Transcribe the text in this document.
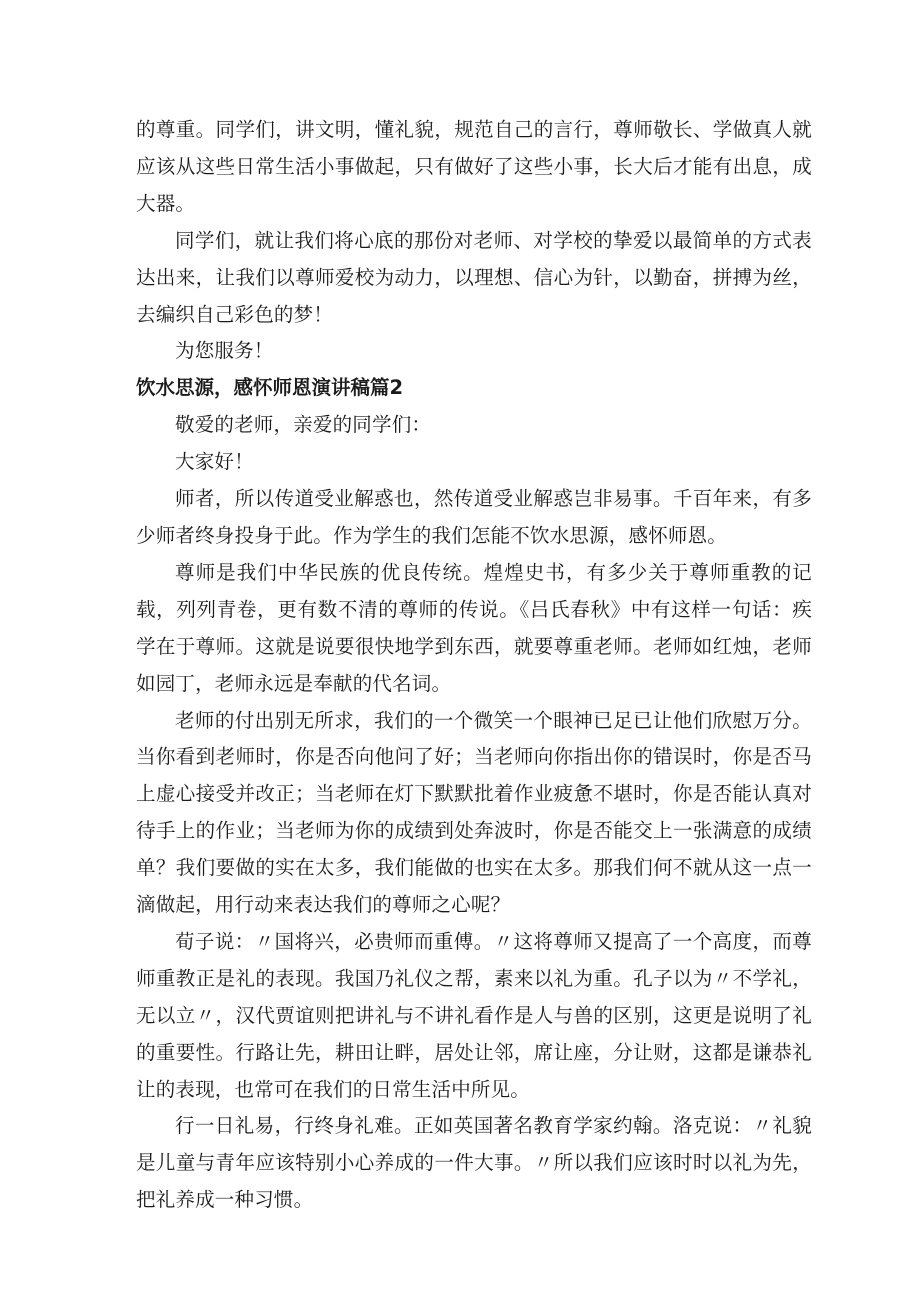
的尊重。同学们，讲文明，懂礼貌，规范自己的言行，尊师敬长、学做真人就应该从这些日常生活小事做起，只有做好了这些小事，长大后才能有出息，成大器。

同学们，就让我们将心底的那份对老师、对学校的挚爱以最简单的方式表达出来，让我们以尊师爱校为动力，以理想、信心为针，以勤奋，拼搏为丝，去编织自己彩色的梦！

为您服务！

饮水思源，感怀师恩演讲稿篇2

敬爱的老师，亲爱的同学们：

大家好！

师者，所以传道受业解惑也，然传道受业解惑岂非易事。千百年来，有多少师者终身投身于此。作为学生的我们怎能不饮水思源，感怀师恩。

尊师是我们中华民族的优良传统。煌煌史书，有多少关于尊师重教的记载，列列青卷，更有数不清的尊师的传说。《吕氏春秋》中有这样一句话：疾学在于尊师。这就是说要很快地学到东西，就要尊重老师。老师如红烛，老师如园丁，老师永远是奉献的代名词。

老师的付出别无所求，我们的一个微笑一个眼神已足已让他们欣慰万分。当你看到老师时，你是否向他问了好；当老师向你指出你的错误时，你是否马上虚心接受并改正；当老师在灯下默默批着作业疲惫不堪时，你是否能认真对待手上的作业；当老师为你的成绩到处奔波时，你是否能交上一张满意的成绩单？我们要做的实在太多，我们能做的也实在太多。那我们何不就从这一点一滴做起，用行动来表达我们的尊师之心呢？

荀子说：〃国将兴，必贵师而重傅。〃这将尊师又提高了一个高度，而尊师重教正是礼的表现。我国乃礼仪之帮，素来以礼为重。孔子以为〃不学礼，无以立〃，汉代贾谊则把讲礼与不讲礼看作是人与兽的区别，这更是说明了礼的重要性。行路让先，耕田让畔，居处让邻，席让座，分让财，这都是谦恭礼让的表现，也常可在我们的日常生活中所见。

行一日礼易，行终身礼难。正如英国著名教育学家约翰。洛克说：〃礼貌是儿童与青年应该特别小心养成的一件大事。〃所以我们应该时时以礼为先，把礼养成一种习惯。
